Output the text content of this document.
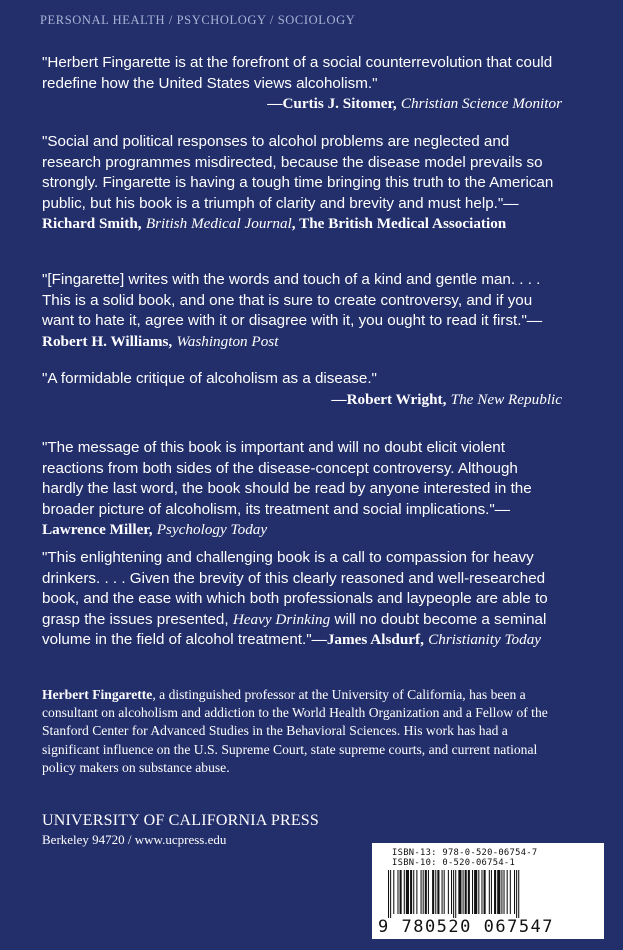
PERSONAL HEALTH / PSYCHOLOGY / SOCIOLOGY
"Herbert Fingarette is at the forefront of a social counterrevolution that could redefine how the United States views alcoholism."
—Curtis J. Sitomer, Christian Science Monitor
"Social and political responses to alcohol problems are neglected and research programmes misdirected, because the disease model prevails so strongly. Fingarette is having a tough time bringing this truth to the American public, but his book is a triumph of clarity and brevity and must help."—Richard Smith, British Medical Journal, The British Medical Association
"[Fingarette] writes with the words and touch of a kind and gentle man. . . . This is a solid book, and one that is sure to create controversy, and if you want to hate it, agree with it or disagree with it, you ought to read it first."— Robert H. Williams, Washington Post
"A formidable critique of alcoholism as a disease."
—Robert Wright, The New Republic
"The message of this book is important and will no doubt elicit violent reactions from both sides of the disease-concept controversy. Although hardly the last word, the book should be read by anyone interested in the broader picture of alcoholism, its treatment and social implications."—Lawrence Miller, Psychology Today
"This enlightening and challenging book is a call to compassion for heavy drinkers. . . . Given the brevity of this clearly reasoned and well-researched book, and the ease with which both professionals and laypeople are able to grasp the issues presented, Heavy Drinking will no doubt become a seminal volume in the field of alcohol treatment."—James Alsdurf, Christianity Today
Herbert Fingarette, a distinguished professor at the University of California, has been a consultant on alcoholism and addiction to the World Health Organization and a Fellow of the Stanford Center for Advanced Studies in the Behavioral Sciences. His work has had a significant influence on the U.S. Supreme Court, state supreme courts, and current national policy makers on substance abuse.
UNIVERSITY OF CALIFORNIA PRESS
Berkeley 94720 / www.ucpress.edu
ISBN-13: 978-0-520-06754-7
ISBN-10: 0-520-06754-1
9 780520 067547
